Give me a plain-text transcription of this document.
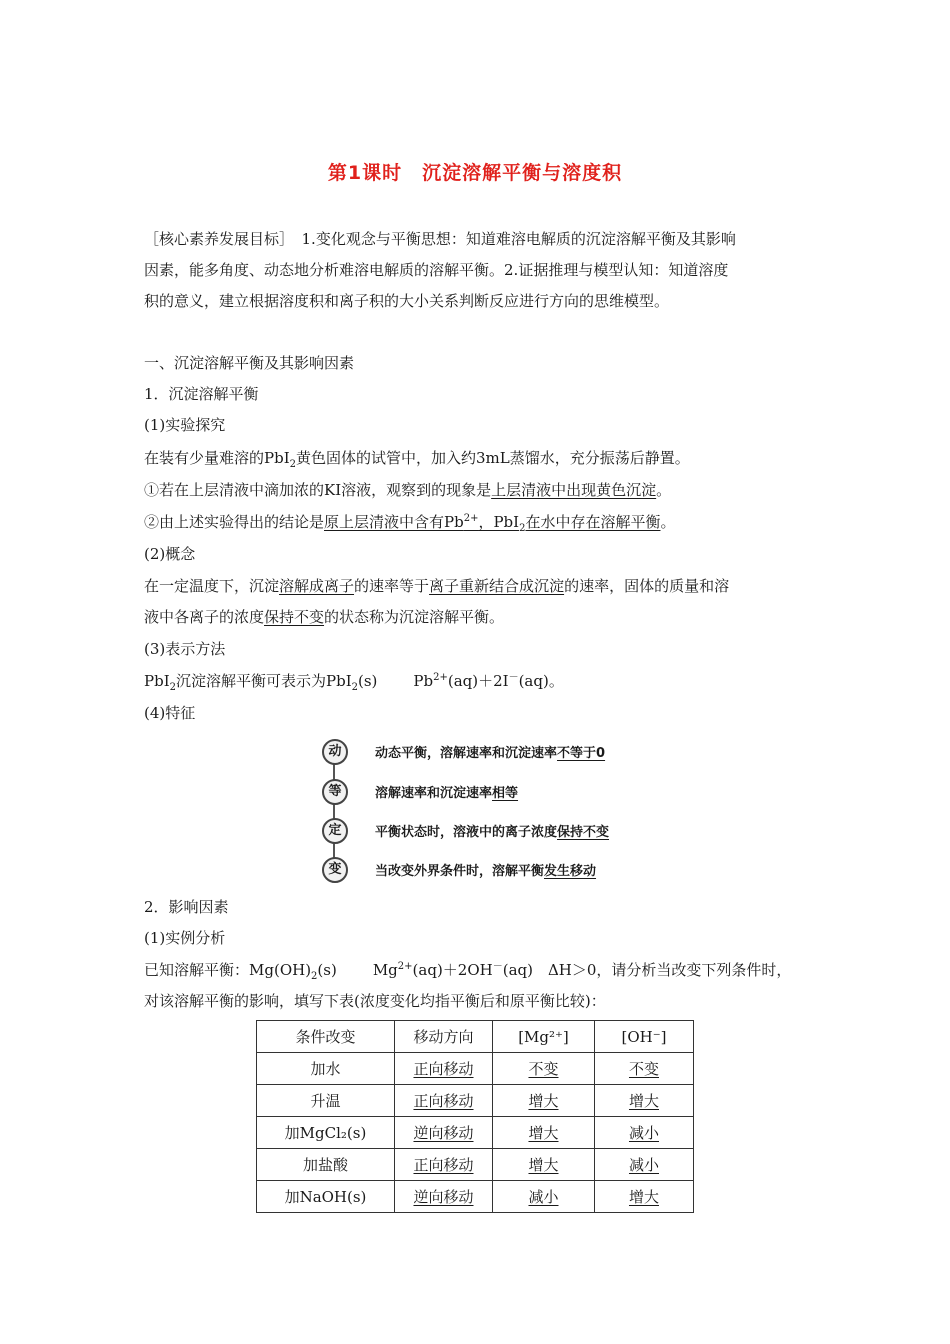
第1课时　沉淀溶解平衡与溶度积
［核心素养发展目标］　1.变化观念与平衡思想：知道难溶电解质的沉淀溶解平衡及其影响
因素，能多角度、动态地分析难溶电解质的溶解平衡。2.证据推理与模型认知：知道溶度
积的意义，建立根据溶度积和离子积的大小关系判断反应进行方向的思维模型。
一、沉淀溶解平衡及其影响因素
1．沉淀溶解平衡
(1)实验探究
在装有少量难溶的PbI$_2$黄色固体的试管中，加入约3mL蒸馏水，充分振荡后静置。
①若在上层清液中滴加浓的KI溶液，观察到的现象是上层清液中出现黄色沉淀。
②由上述实验得出的结论是原上层清液中含有$Pb^{2+}$，PbI$_2$在水中存在溶解平衡。
(2)概念
在一定温度下，沉淀溶解成离子的速率等于离子重新结合成沉淀的速率，固体的质量和溶
液中各离子的浓度保持不变的状态称为沉淀溶解平衡。
(3)表示方法
PbI$_2$沉淀溶解平衡可表示为PbI$_2$(s) $Pb^{2+}(aq)+2I^-(aq)$。
(4)特征
动	动态平衡，溶解速率和沉淀速率不等于0
等	溶解速率和沉淀速率相等
定	平衡状态时，溶液中的离子浓度保持不变
变	当改变外界条件时，溶解平衡发生移动
2．影响因素
(1)实例分析
已知溶解平衡：$Mg(OH)_2(s)$ $Mg^{2+}(aq)+2OH^-(aq)$　ΔH＞0，请分析当改变下列条件时，
对该溶解平衡的影响，填写下表(浓度变化均指平衡后和原平衡比较)：
条件改变	移动方向	[Mg²⁺]	[OH⁻]
加水	正向移动	不变	不变
升温	正向移动	增大	增大
加MgCl₂(s)	逆向移动	增大	减小
加盐酸	正向移动	增大	减小
加NaOH(s)	逆向移动	减小	增大
